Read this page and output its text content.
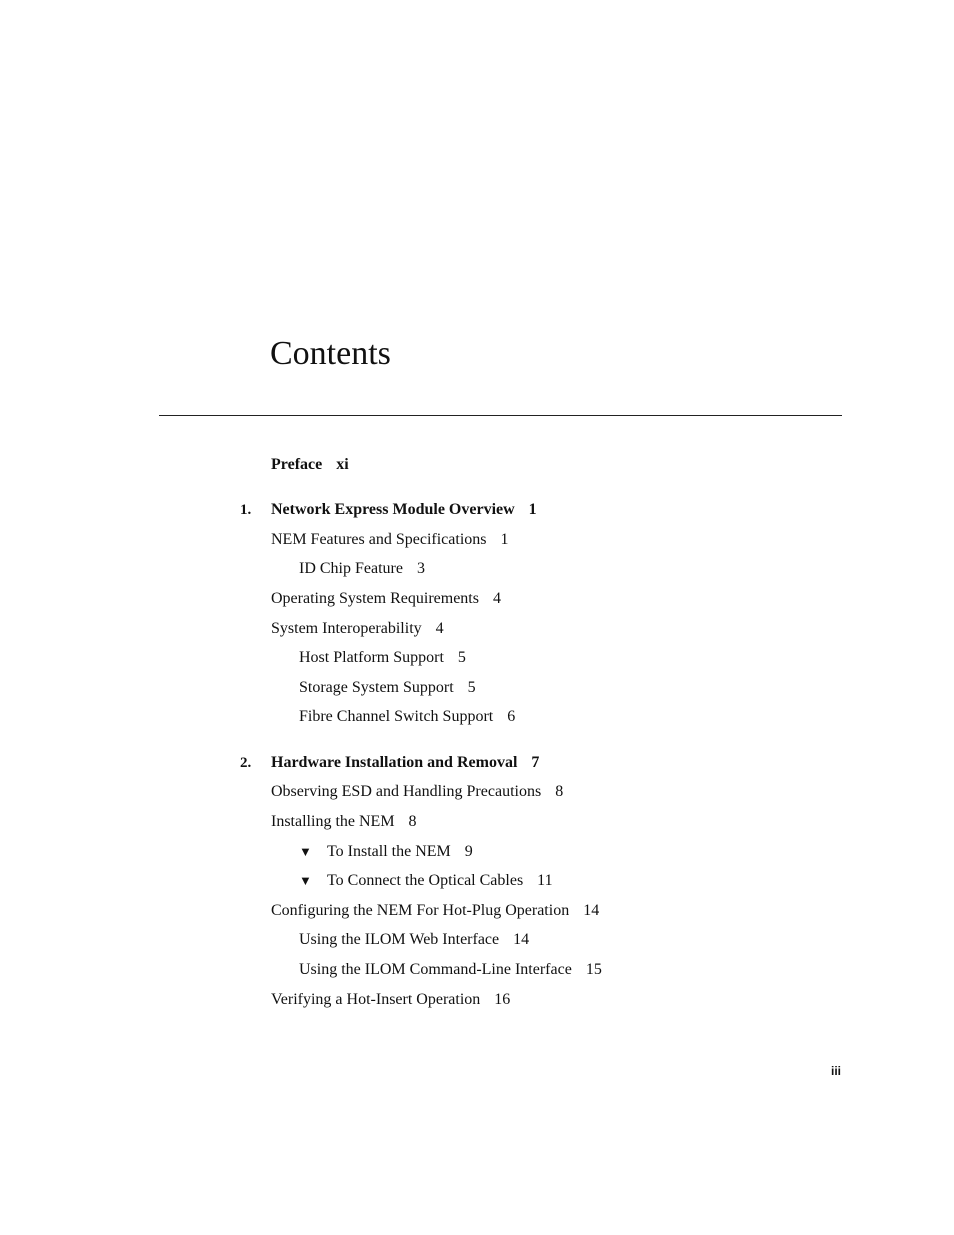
Contents
Preface xi
1. Network Express Module Overview 1
NEM Features and Specifications 1
ID Chip Feature 3
Operating System Requirements 4
System Interoperability 4
Host Platform Support 5
Storage System Support 5
Fibre Channel Switch Support 6
2. Hardware Installation and Removal 7
Observing ESD and Handling Precautions 8
Installing the NEM 8
▼ To Install the NEM 9
▼ To Connect the Optical Cables 11
Configuring the NEM For Hot-Plug Operation 14
Using the ILOM Web Interface 14
Using the ILOM Command-Line Interface 15
Verifying a Hot-Insert Operation 16
iii
